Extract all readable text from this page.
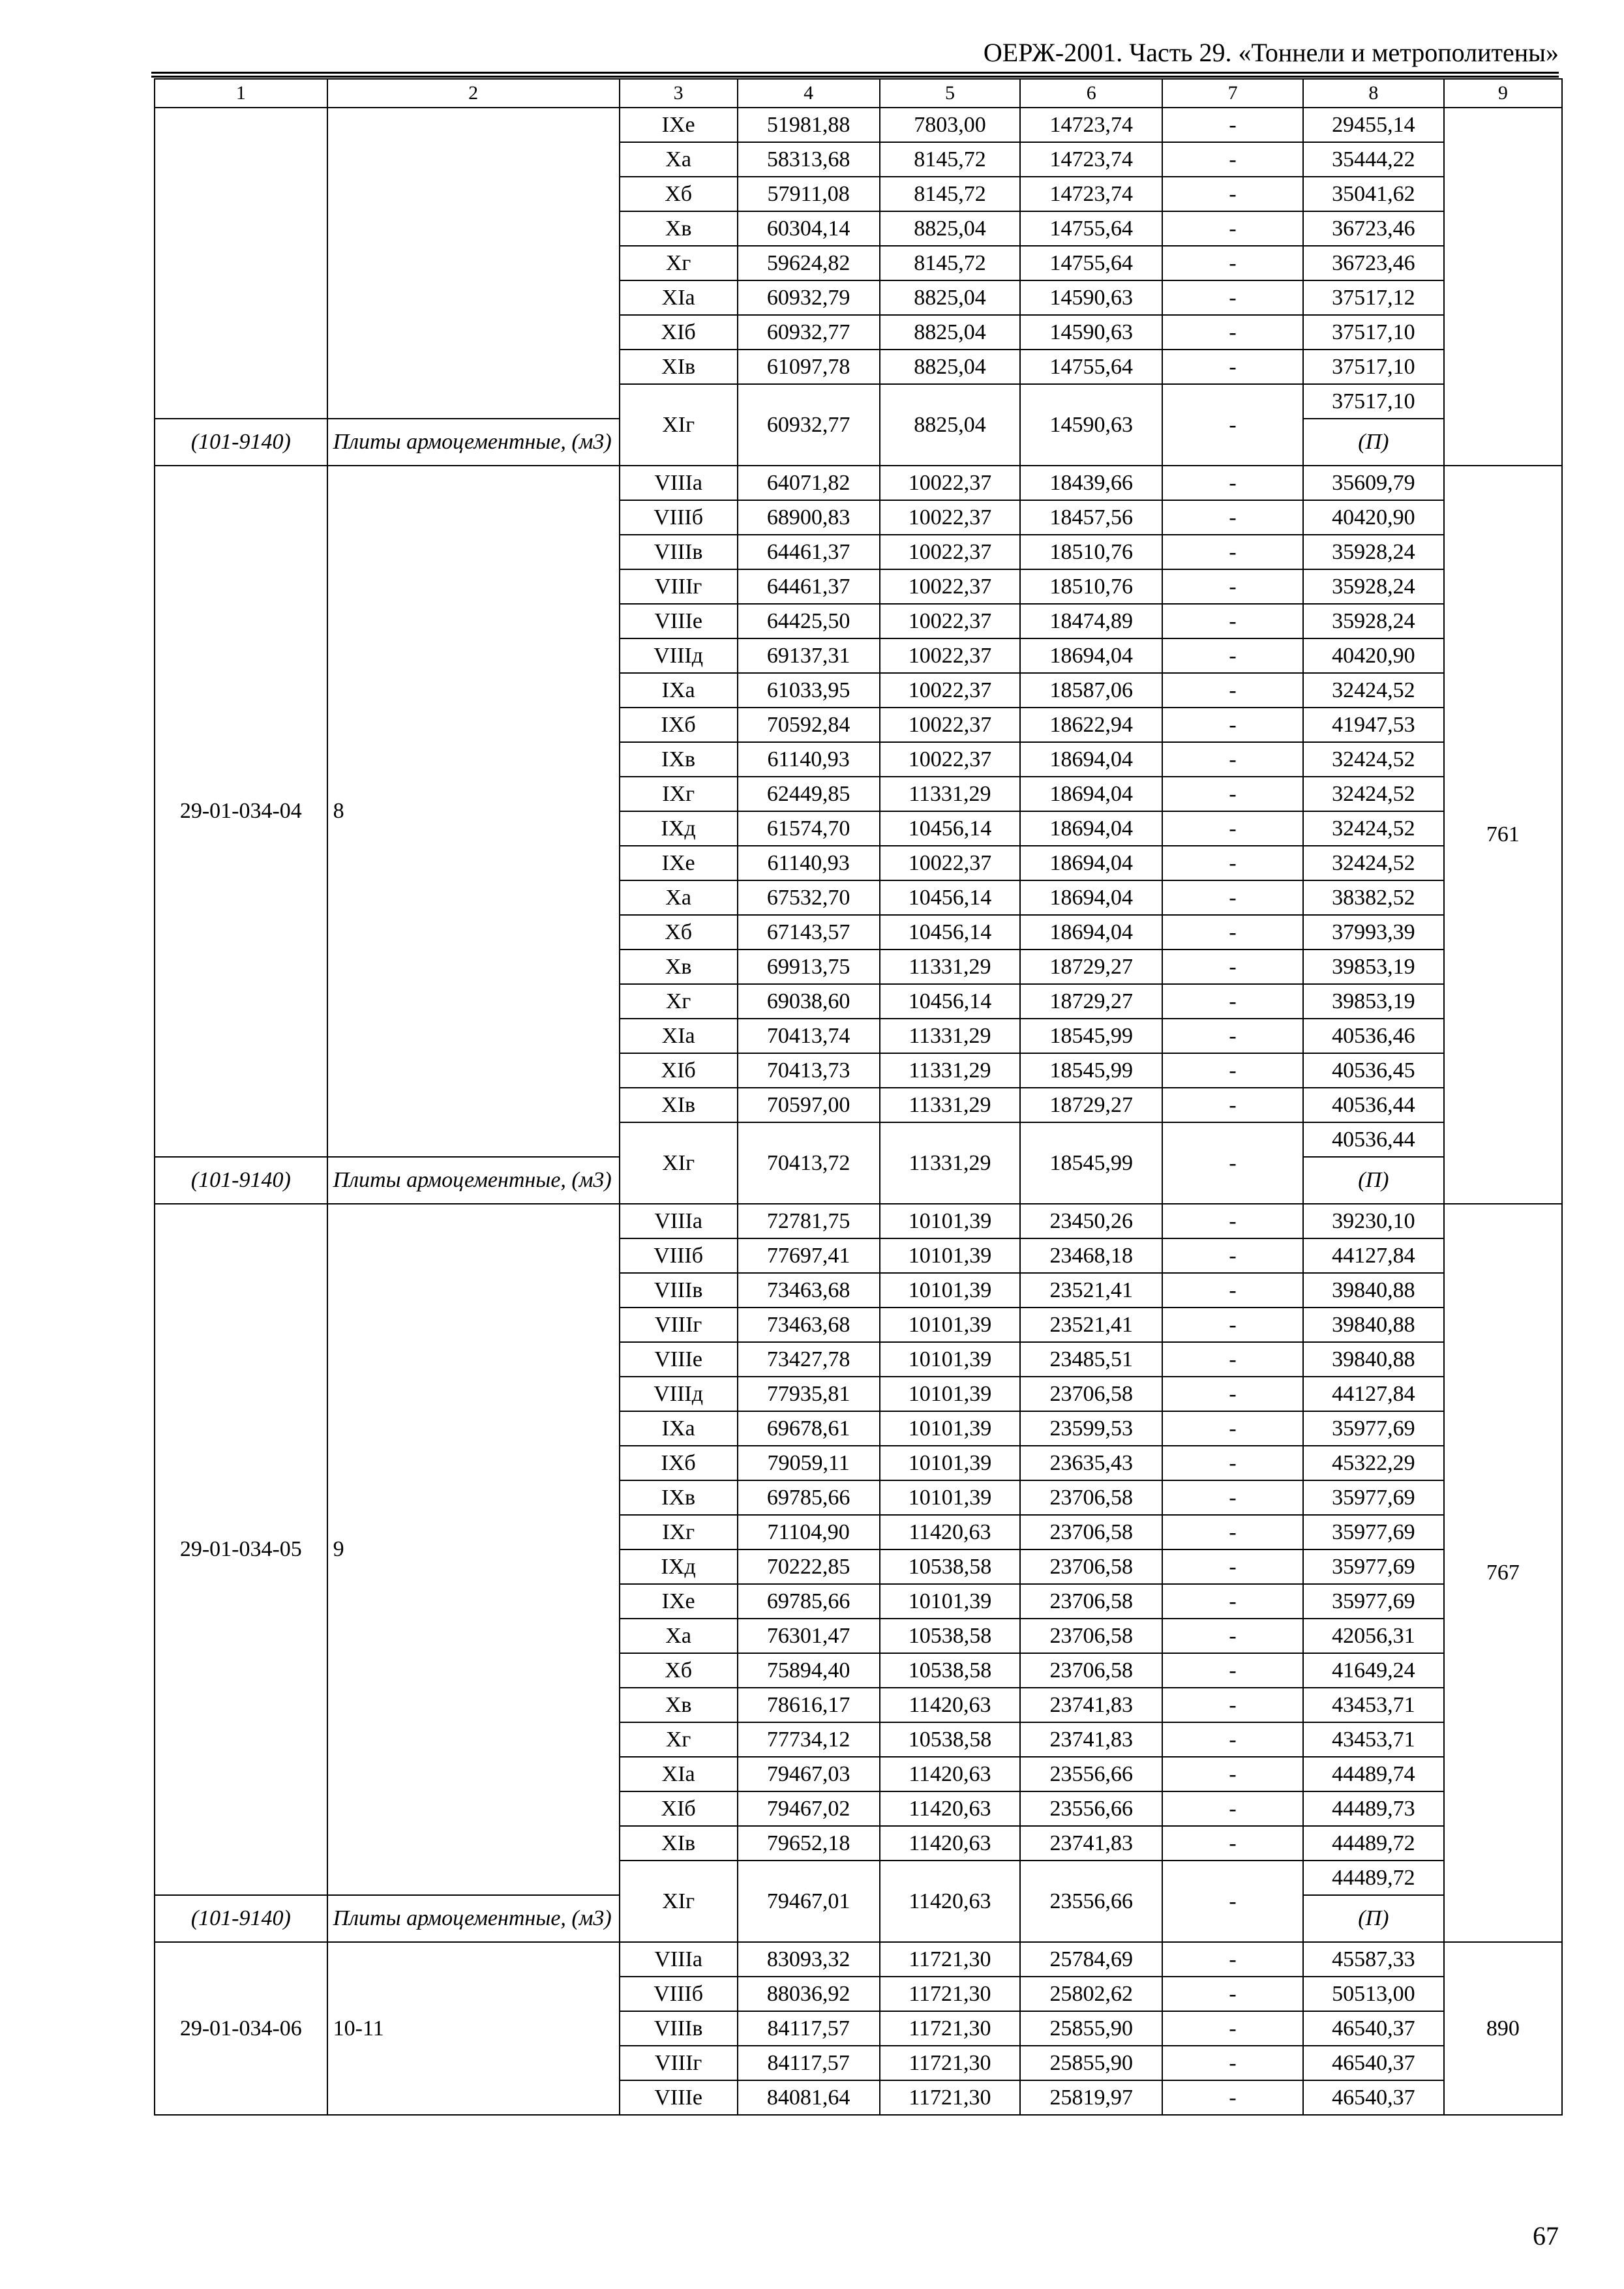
ОЕРЖ-2001. Часть 29. «Тоннели и метрополитены»
1	2	3	4	5	6	7	8	9
		IXe	51981,88	7803,00	14723,74	-	29455,14	
		Xa	58313,68	8145,72	14723,74	-	35444,22	
		Xб	57911,08	8145,72	14723,74	-	35041,62	
		Xв	60304,14	8825,04	14755,64	-	36723,46	
		Xг	59624,82	8145,72	14755,64	-	36723,46	
		XIa	60932,79	8825,04	14590,63	-	37517,12	
		XIб	60932,77	8825,04	14590,63	-	37517,10	
		XIв	61097,78	8825,04	14755,64	-	37517,10	
		XIг	60932,77	8825,04	14590,63	-	37517,10	
(101-9140)	Плиты армоцементные, (м3)						(П)	
29-01-034-04	8	VIIIa	64071,82	10022,37	18439,66	-	35609,79	761
		VIIIб	68900,83	10022,37	18457,56	-	40420,90	
		VIIIв	64461,37	10022,37	18510,76	-	35928,24	
		VIIIг	64461,37	10022,37	18510,76	-	35928,24	
		VIIIe	64425,50	10022,37	18474,89	-	35928,24	
		VIIIд	69137,31	10022,37	18694,04	-	40420,90	
		IXa	61033,95	10022,37	18587,06	-	32424,52	
		IXб	70592,84	10022,37	18622,94	-	41947,53	
		IXв	61140,93	10022,37	18694,04	-	32424,52	
		IXг	62449,85	11331,29	18694,04	-	32424,52	
		IXд	61574,70	10456,14	18694,04	-	32424,52	
		IXe	61140,93	10022,37	18694,04	-	32424,52	
		Xa	67532,70	10456,14	18694,04	-	38382,52	
		Xб	67143,57	10456,14	18694,04	-	37993,39	
		Xв	69913,75	11331,29	18729,27	-	39853,19	
		Xг	69038,60	10456,14	18729,27	-	39853,19	
		XIa	70413,74	11331,29	18545,99	-	40536,46	
		XIб	70413,73	11331,29	18545,99	-	40536,45	
		XIв	70597,00	11331,29	18729,27	-	40536,44	
		XIг	70413,72	11331,29	18545,99	-	40536,44	
(101-9140)	Плиты армоцементные, (м3)						(П)	
29-01-034-05	9	VIIIa	72781,75	10101,39	23450,26	-	39230,10	767
		VIIIб	77697,41	10101,39	23468,18	-	44127,84	
		VIIIв	73463,68	10101,39	23521,41	-	39840,88	
		VIIIг	73463,68	10101,39	23521,41	-	39840,88	
		VIIIe	73427,78	10101,39	23485,51	-	39840,88	
		VIIIд	77935,81	10101,39	23706,58	-	44127,84	
		IXa	69678,61	10101,39	23599,53	-	35977,69	
		IXб	79059,11	10101,39	23635,43	-	45322,29	
		IXв	69785,66	10101,39	23706,58	-	35977,69	
		IXг	71104,90	11420,63	23706,58	-	35977,69	
		IXд	70222,85	10538,58	23706,58	-	35977,69	
		IXe	69785,66	10101,39	23706,58	-	35977,69	
		Xa	76301,47	10538,58	23706,58	-	42056,31	
		Xб	75894,40	10538,58	23706,58	-	41649,24	
		Xв	78616,17	11420,63	23741,83	-	43453,71	
		Xг	77734,12	10538,58	23741,83	-	43453,71	
		XIa	79467,03	11420,63	23556,66	-	44489,74	
		XIб	79467,02	11420,63	23556,66	-	44489,73	
		XIв	79652,18	11420,63	23741,83	-	44489,72	
		XIг	79467,01	11420,63	23556,66	-	44489,72	
(101-9140)	Плиты армоцементные, (м3)						(П)	
29-01-034-06	10-11	VIIIa	83093,32	11721,30	25784,69	-	45587,33	890
		VIIIб	88036,92	11721,30	25802,62	-	50513,00	
		VIIIв	84117,57	11721,30	25855,90	-	46540,37	
		VIIIг	84117,57	11721,30	25855,90	-	46540,37	
		VIIIe	84081,64	11721,30	25819,97	-	46540,37	
67
